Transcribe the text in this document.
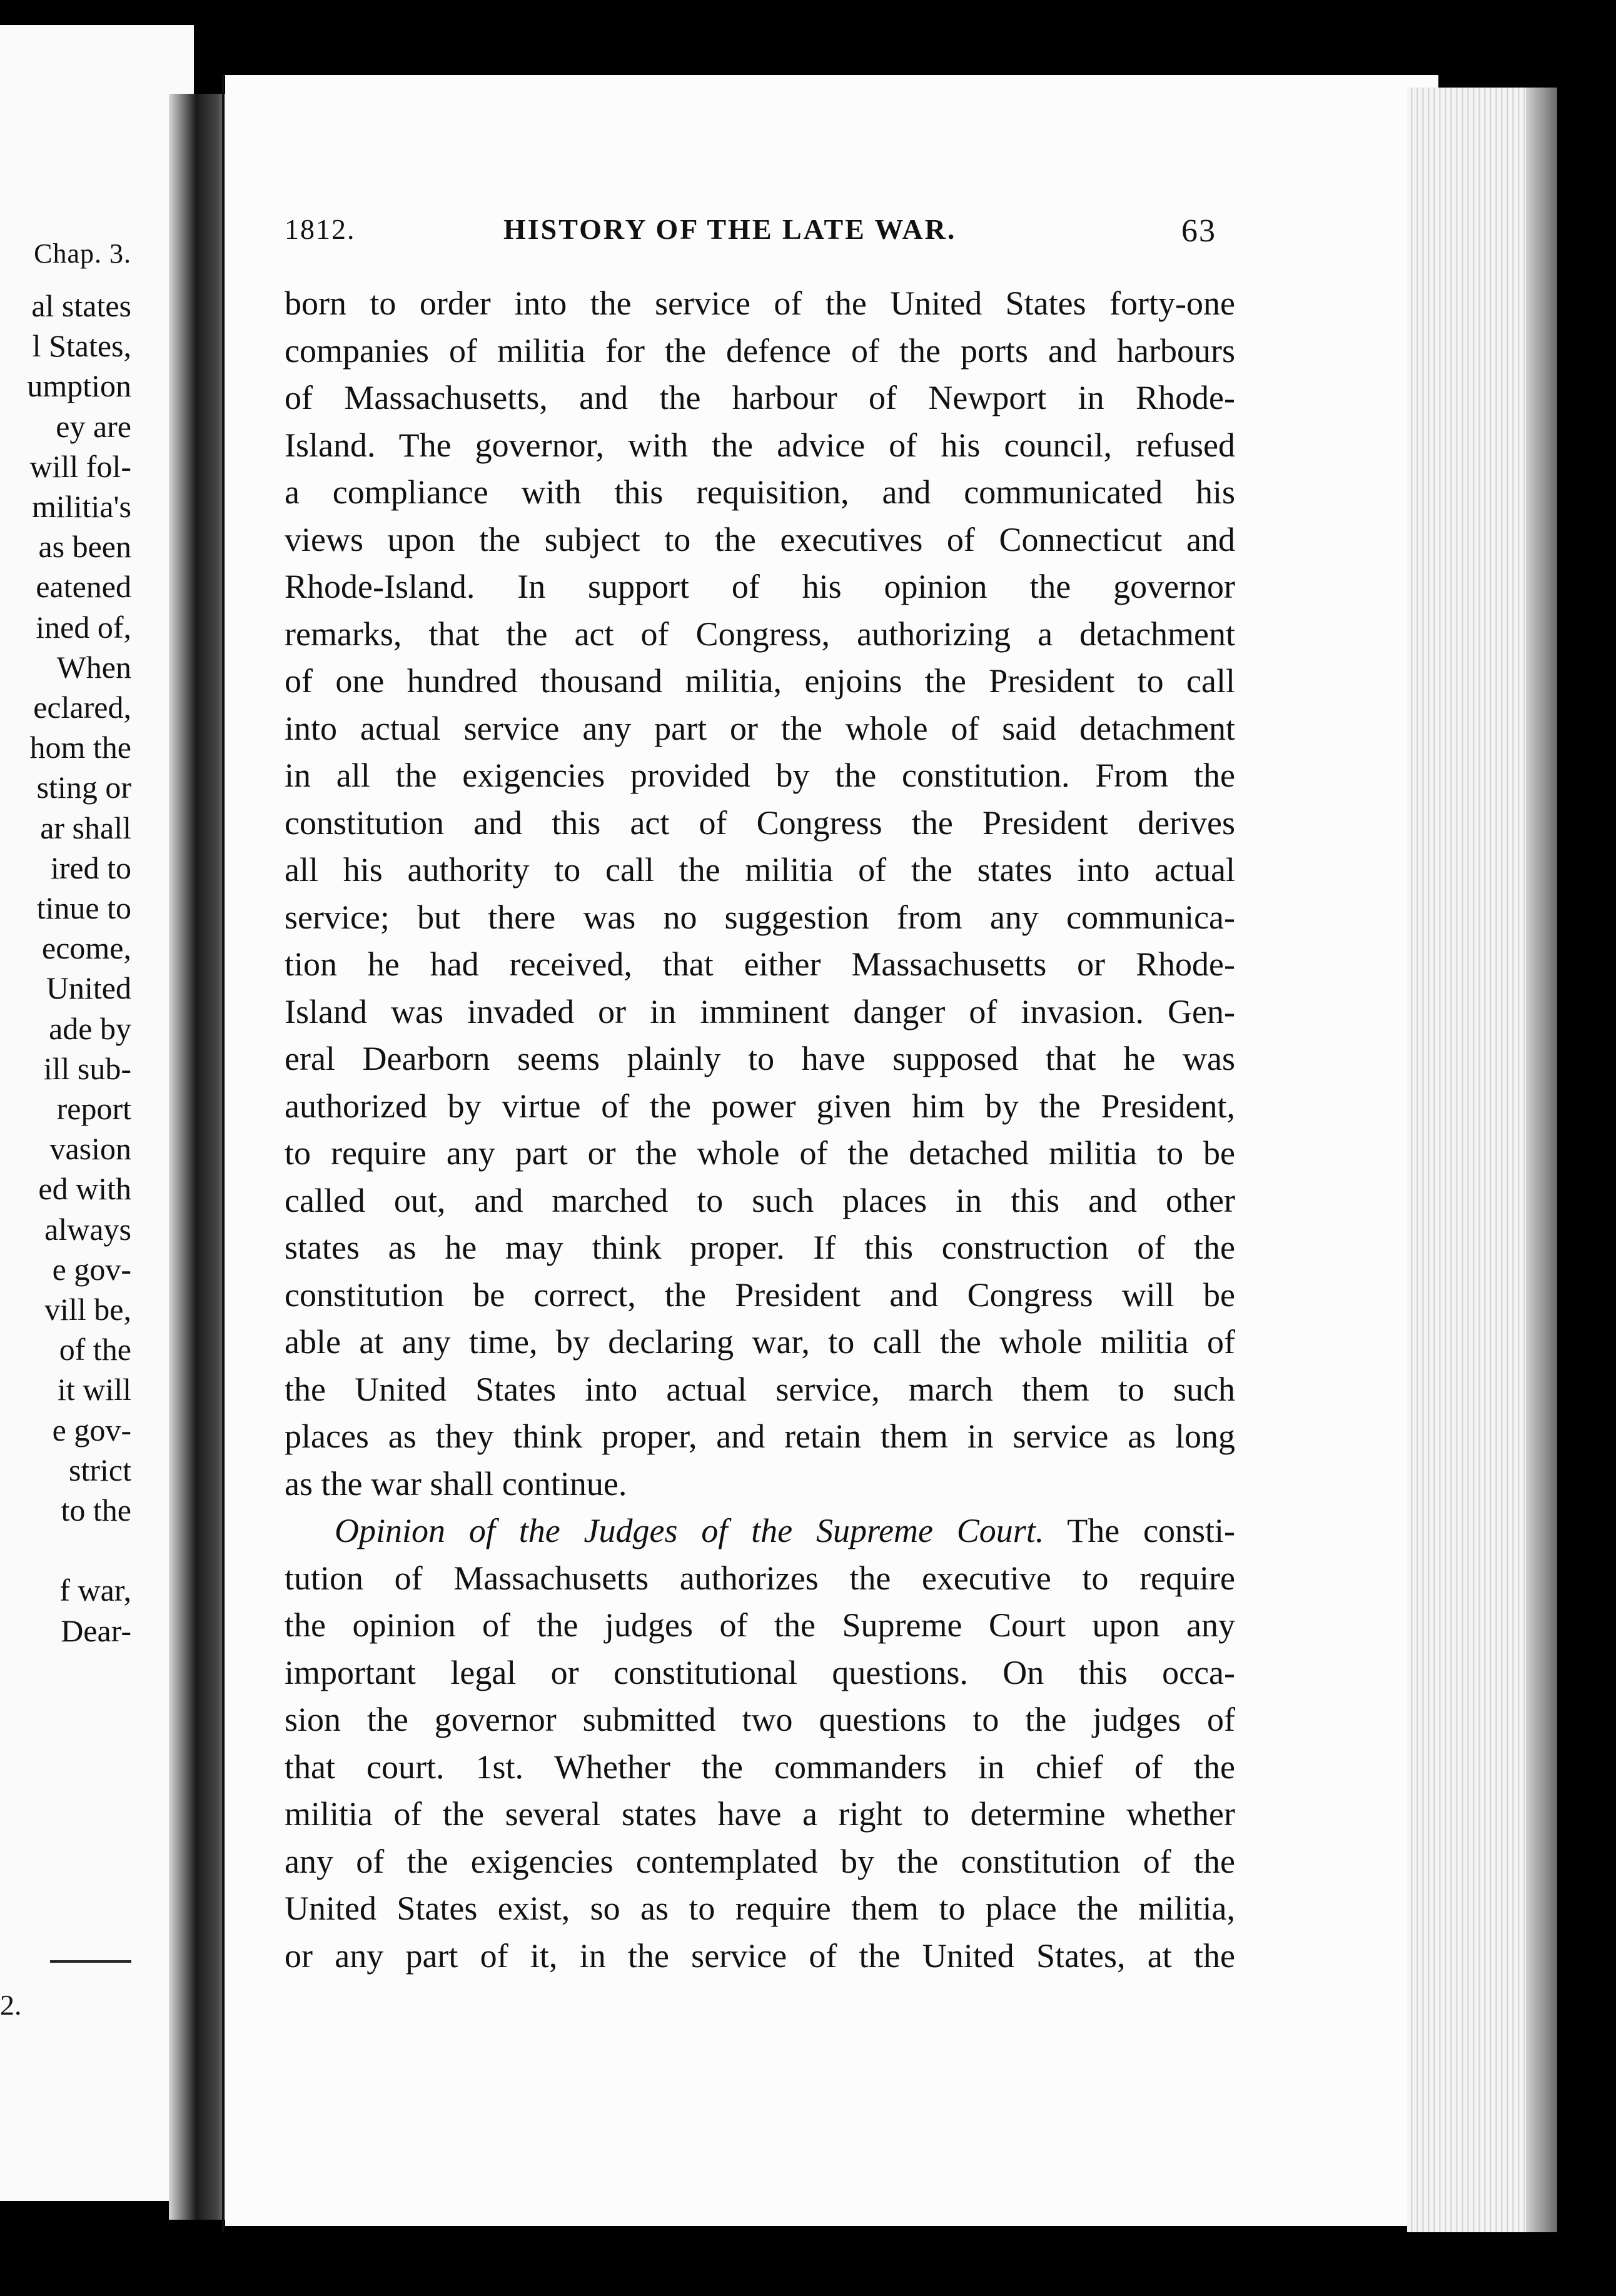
Chap. 3.
al states
l States,
umption
ey are
will fol-
militia's
as been
eatened
ined of,
When
eclared,
hom the
sting or
ar shall
ired to
tinue to
ecome,
United
ade by
ill sub-
report
vasion
ed with
always
e gov-
vill be,
of the
it will
e gov-
strict
to the
f war,
Dear-
2.
1812.	HISTORY OF THE LATE WAR.	63
born to order into the service of the United States forty-one
companies of militia for the defence of the ports and harbours
of Massachusetts, and the harbour of Newport in Rhode-
Island. The governor, with the advice of his council, refused
a compliance with this requisition, and communicated his
views upon the subject to the executives of Connecticut and
Rhode-Island. In support of his opinion the governor
remarks, that the act of Congress, authorizing a detachment
of one hundred thousand militia, enjoins the President to call
into actual service any part or the whole of said detachment
in all the exigencies provided by the constitution. From the
constitution and this act of Congress the President derives
all his authority to call the militia of the states into actual
service; but there was no suggestion from any communica-
tion he had received, that either Massachusetts or Rhode-
Island was invaded or in imminent danger of invasion. Gen-
eral Dearborn seems plainly to have supposed that he was
authorized by virtue of the power given him by the President,
to require any part or the whole of the detached militia to be
called out, and marched to such places in this and other
states as he may think proper. If this construction of the
constitution be correct, the President and Congress will be
able at any time, by declaring war, to call the whole militia of
the United States into actual service, march them to such
places as they think proper, and retain them in service as long
as the war shall continue.
Opinion of the Judges of the Supreme Court. The consti-
tution of Massachusetts authorizes the executive to require
the opinion of the judges of the Supreme Court upon any
important legal or constitutional questions. On this occa-
sion the governor submitted two questions to the judges of
that court. 1st. Whether the commanders in chief of the
militia of the several states have a right to determine whether
any of the exigencies contemplated by the constitution of the
United States exist, so as to require them to place the militia,
or any part of it, in the service of the United States, at the
